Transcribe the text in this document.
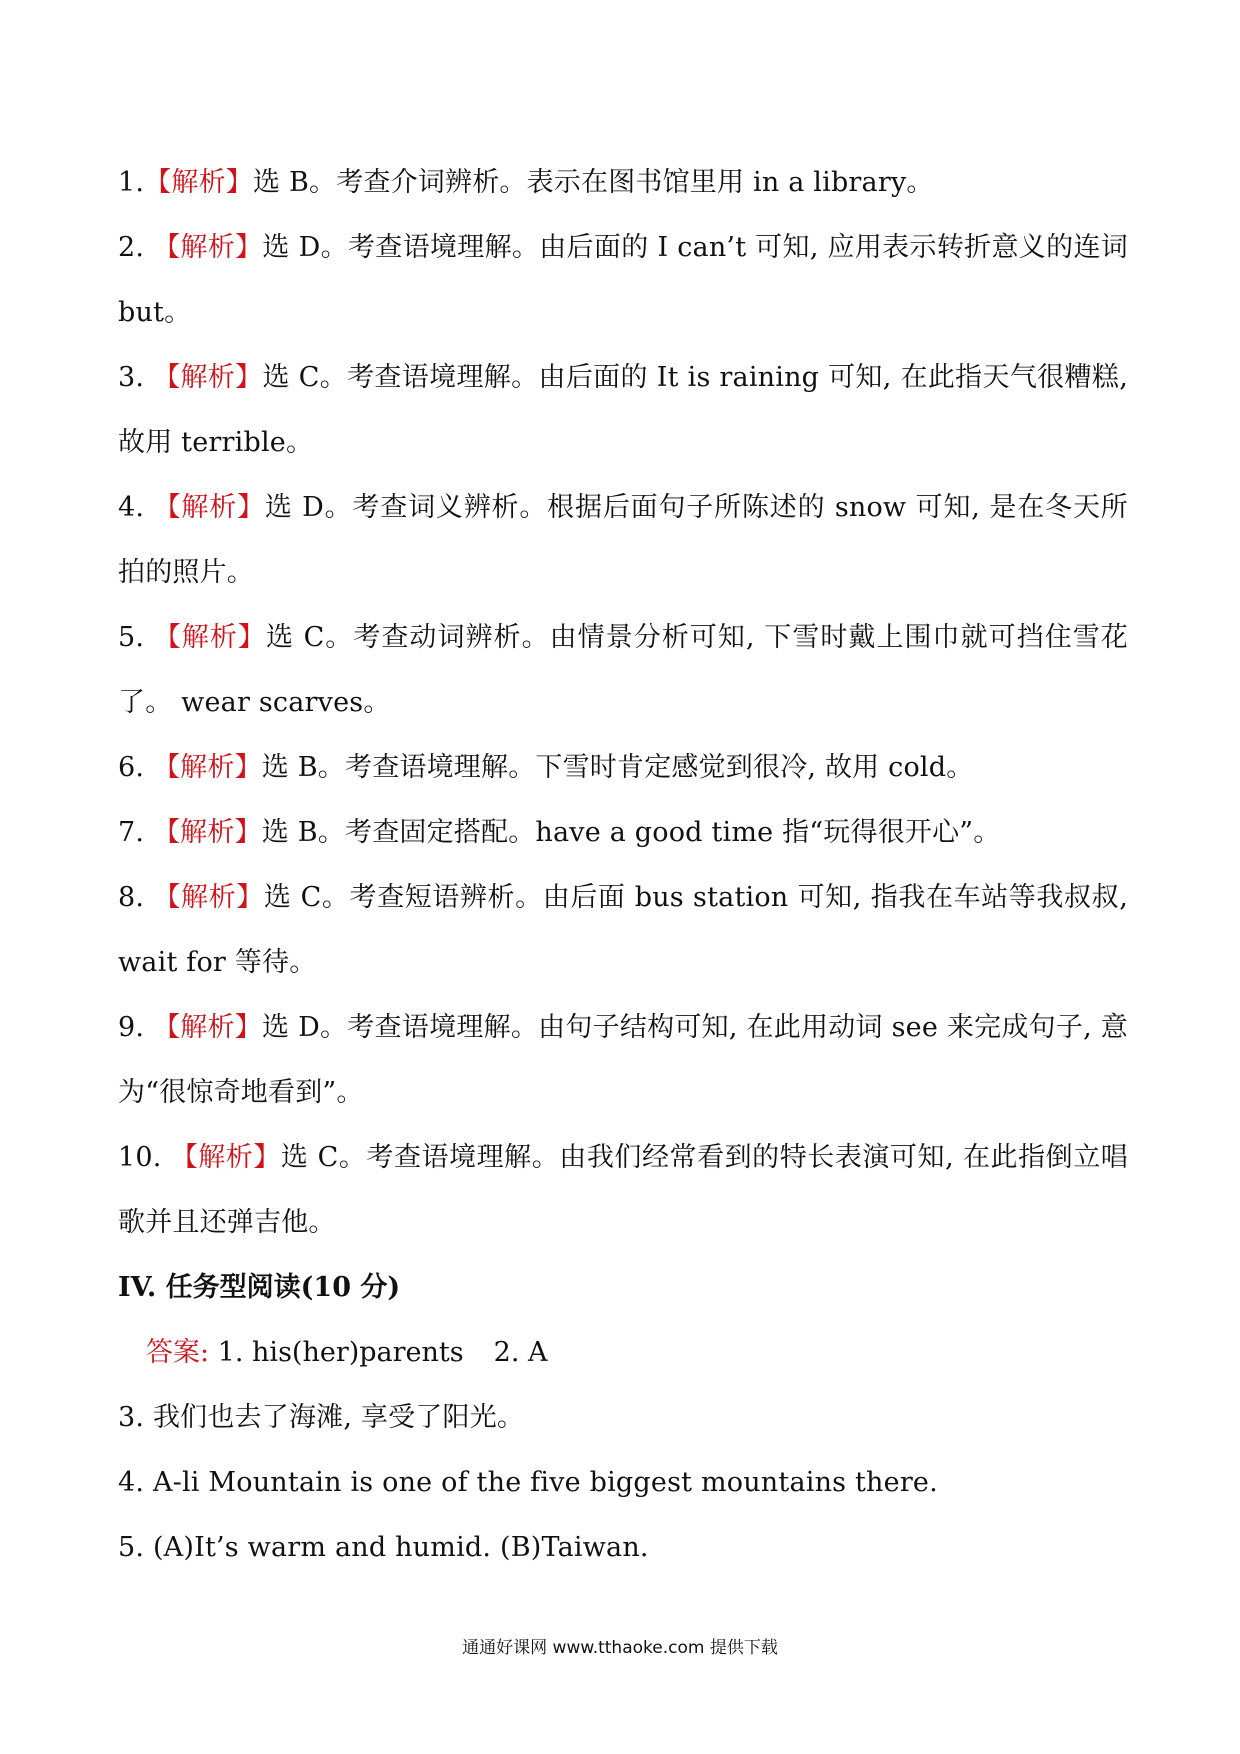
1.【解析】选 B。考查介词辨析。表示在图书馆里用 in a library。

2. 【解析】选 D。考查语境理解。由后面的 I can’t 可知, 应用表示转折意义的连词 but。

3. 【解析】选 C。考查语境理解。由后面的 It is raining 可知, 在此指天气很糟糕, 故用 terrible。

4. 【解析】选 D。考查词义辨析。根据后面句子所陈述的 snow 可知, 是在冬天所拍的照片。

5. 【解析】选 C。考查动词辨析。由情景分析可知, 下雪时戴上围巾就可挡住雪花了。 wear scarves。

6. 【解析】选 B。考查语境理解。下雪时肯定感觉到很冷, 故用 cold。

7. 【解析】选 B。考查固定搭配。have a good time 指“玩得很开心”。

8. 【解析】选 C。考查短语辨析。由后面 bus station 可知, 指我在车站等我叔叔, wait for 等待。

9. 【解析】选 D。考查语境理解。由句子结构可知, 在此用动词 see 来完成句子, 意为“很惊奇地看到”。

10. 【解析】选 C。考查语境理解。由我们经常看到的特长表演可知, 在此指倒立唱歌并且还弹吉他。

IV. 任务型阅读(10 分)

答案: 1. his(her)parents 2. A

3. 我们也去了海滩, 享受了阳光。

4. A-li Mountain is one of the five biggest mountains there.

5. (A)It’s warm and humid. (B)Taiwan.

通通好课网 www.tthaoke.com 提供下载
